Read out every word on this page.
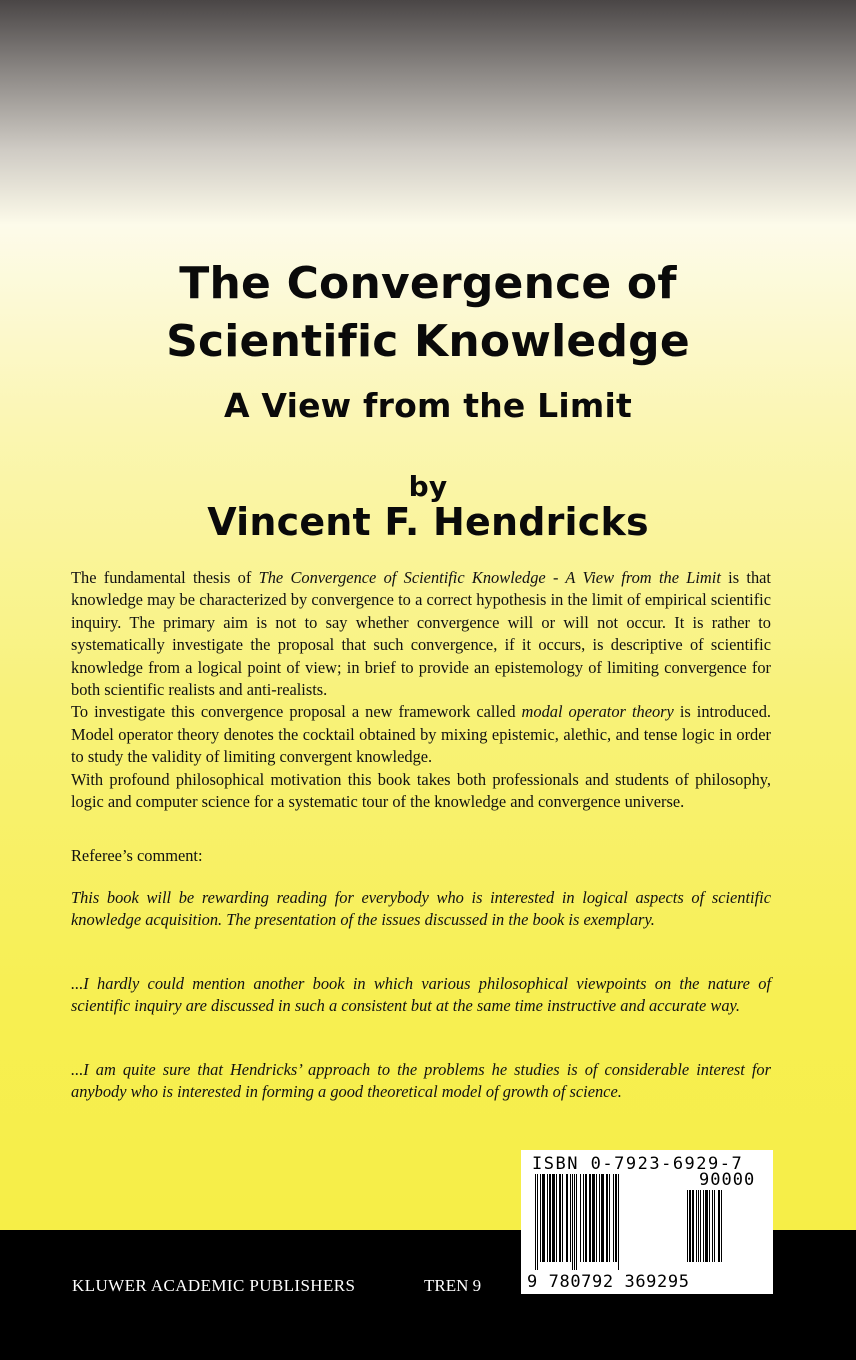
The Convergence of
Scientific Knowledge
A View from the Limit
by
Vincent F. Hendricks

The fundamental thesis of The Convergence of Scientific Knowledge - A View from the Limit is that knowledge may be characterized by convergence to a correct hypothesis in the limit of empirical scientific inquiry. The primary aim is not to say whether convergence will or will not occur. It is rather to systematically investigate the proposal that such convergence, if it occurs, is descriptive of scientific knowledge from a logical point of view; in brief to provide an epistemology of limiting convergence for both scientific realists and anti-realists.

To investigate this convergence proposal a new framework called modal operator theory is introduced. Model operator theory denotes the cocktail obtained by mixing epistemic, alethic, and tense logic in order to study the validity of limiting convergent knowledge.

With profound philosophical motivation this book takes both professionals and students of philosophy, logic and computer science for a systematic tour of the knowledge and convergence universe.

Referee’s comment:

This book will be rewarding reading for everybody who is interested in logical aspects of scientific knowledge acquisition. The presentation of the issues discussed in the book is exemplary.

...I hardly could mention another book in which various philosophical viewpoints on the nature of scientific inquiry are discussed in such a consistent but at the same time instructive and accurate way.

...I am quite sure that Hendricks’ approach to the problems he studies is of considerable interest for anybody who is interested in forming a good theoretical model of growth of science.

KLUWER ACADEMIC PUBLISHERS	TREN 9

ISBN 0-7923-6929-7

90000

9 780792 369295
